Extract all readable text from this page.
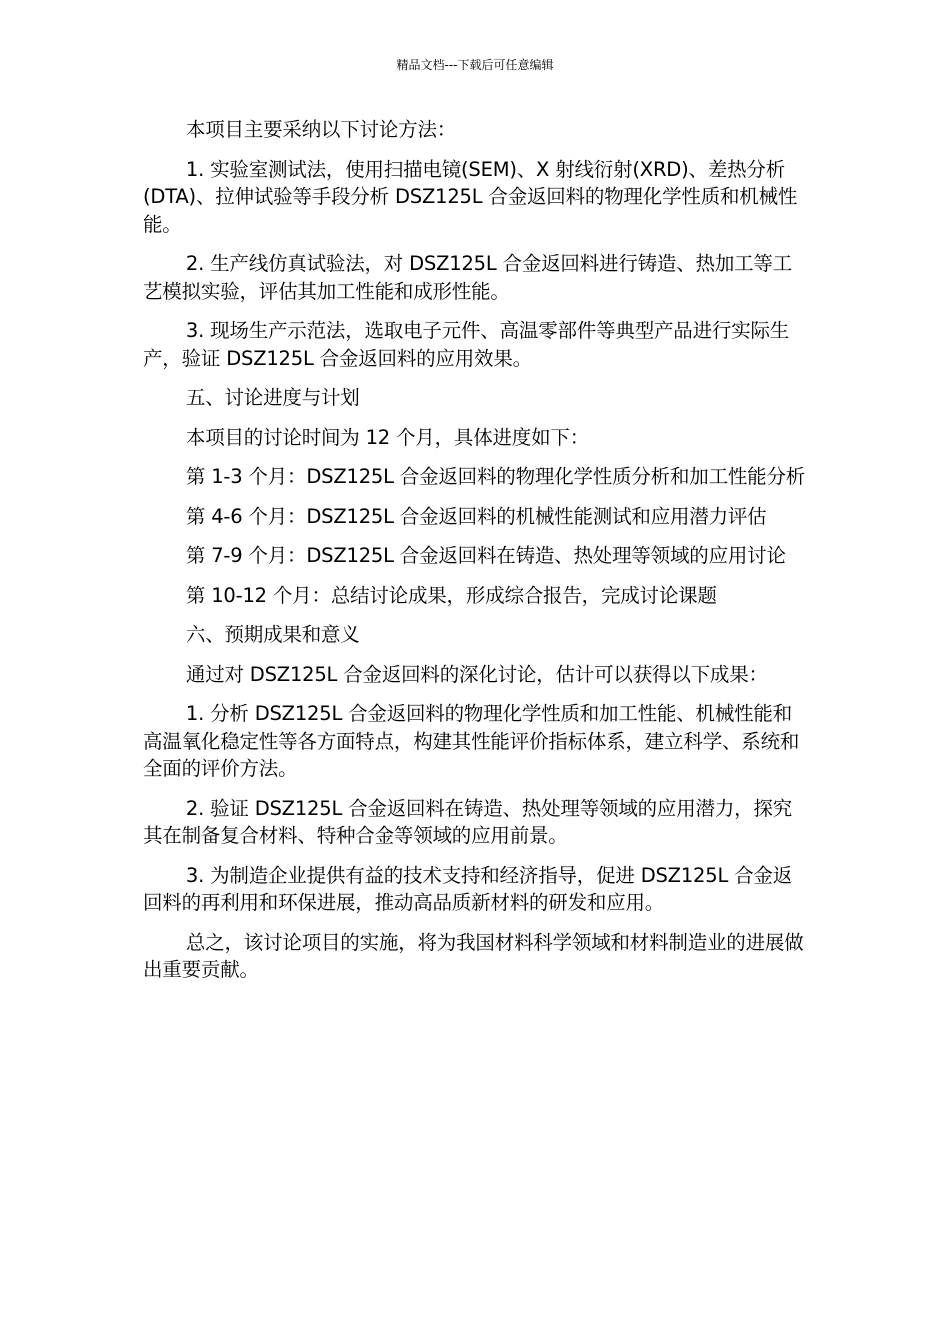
精品文档---下载后可任意编辑

本项目主要采纳以下讨论方法：

1. 实验室测试法，使用扫描电镜(SEM)、X 射线衍射(XRD)、差热分析(DTA)、拉伸试验等手段分析 DSZ125L 合金返回料的物理化学性质和机械性能。

2. 生产线仿真试验法，对 DSZ125L 合金返回料进行铸造、热加工等工艺模拟实验，评估其加工性能和成形性能。

3. 现场生产示范法，选取电子元件、高温零部件等典型产品进行实际生产，验证 DSZ125L 合金返回料的应用效果。

五、讨论进度与计划

本项目的讨论时间为 12 个月，具体进度如下：

第 1-3 个月：DSZ125L 合金返回料的物理化学性质分析和加工性能分析

第 4-6 个月：DSZ125L 合金返回料的机械性能测试和应用潜力评估

第 7-9 个月：DSZ125L 合金返回料在铸造、热处理等领域的应用讨论

第 10-12 个月：总结讨论成果，形成综合报告，完成讨论课题

六、预期成果和意义

通过对 DSZ125L 合金返回料的深化讨论，估计可以获得以下成果：

1. 分析 DSZ125L 合金返回料的物理化学性质和加工性能、机械性能和高温氧化稳定性等各方面特点，构建其性能评价指标体系，建立科学、系统和全面的评价方法。

2. 验证 DSZ125L 合金返回料在铸造、热处理等领域的应用潜力，探究其在制备复合材料、特种合金等领域的应用前景。

3. 为制造企业提供有益的技术支持和经济指导，促进 DSZ125L 合金返回料的再利用和环保进展，推动高品质新材料的研发和应用。

总之，该讨论项目的实施，将为我国材料科学领域和材料制造业的进展做出重要贡献。
